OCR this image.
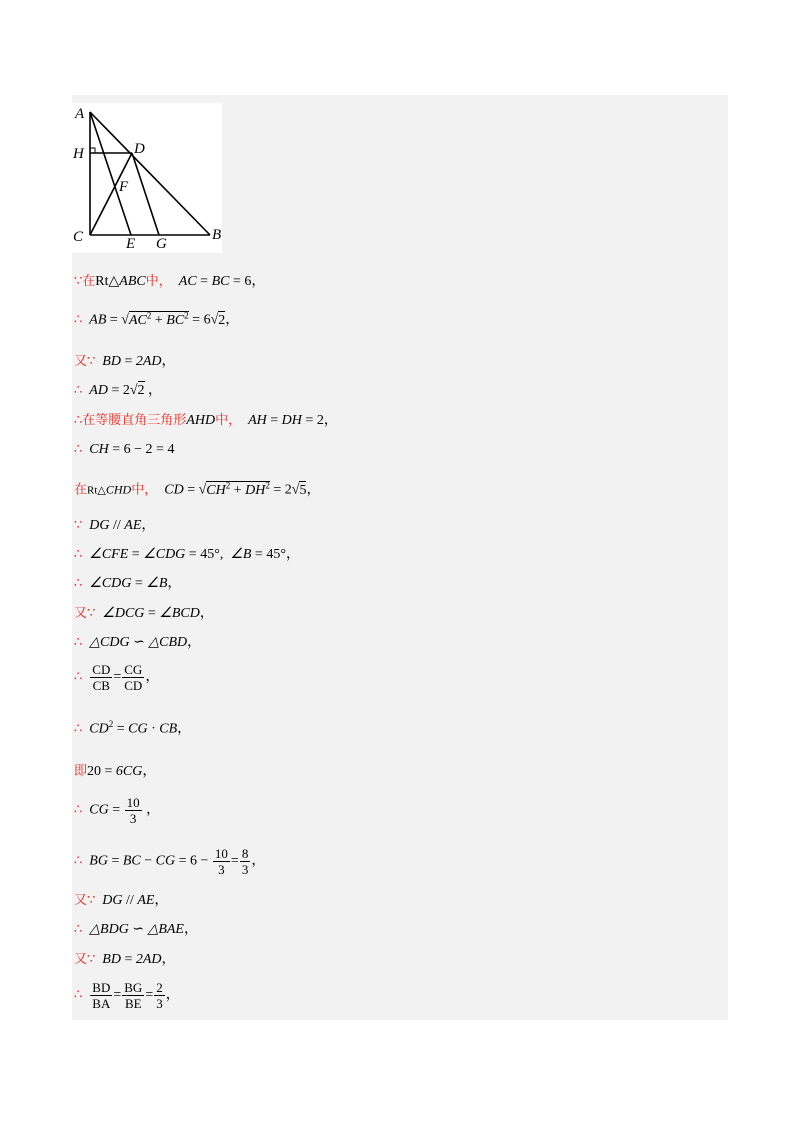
A
H	D
F
C	E G
B
∵在Rt△ABC中， AC = BC = 6，
∴ AB = $√AC^2 + BC^2 = 6√2$，
又∵ BD = 2AD，
∴ AD = 2√2 ，
∴在等腰直角三角形AHD中， AH = DH = 2，
∴ CH = 6 − 2 = 4
在Rt△CHD中， CD = $√CH^2 + DH^2 = 2√5$，
∵ DG // AE，
∴ ∠CFE = ∠CDG = 45°,  ∠B = 45°，
∴ ∠CDG = ∠B，
又∵ ∠DCG = ∠BCD，
∴ △CDG ∽ △CBD，
∴ $\frac{CD}{CB} = \frac{CG}{CD}$ ，
∴ $CD^2$ = CG · CB，
即20 = 6CG，
∴ CG = $\frac{10}{3}$ ，
∴ BG = BC − CG = $6 - \frac{10}{3} = \frac{8}{3}$ ，
又∵ DG // AE，
∴ △BDG ∽ △BAE，
又∵ BD = 2AD，
∴ $\frac{BD}{BA} = \frac{BG}{BE} = \frac{2}{3}$ ，
